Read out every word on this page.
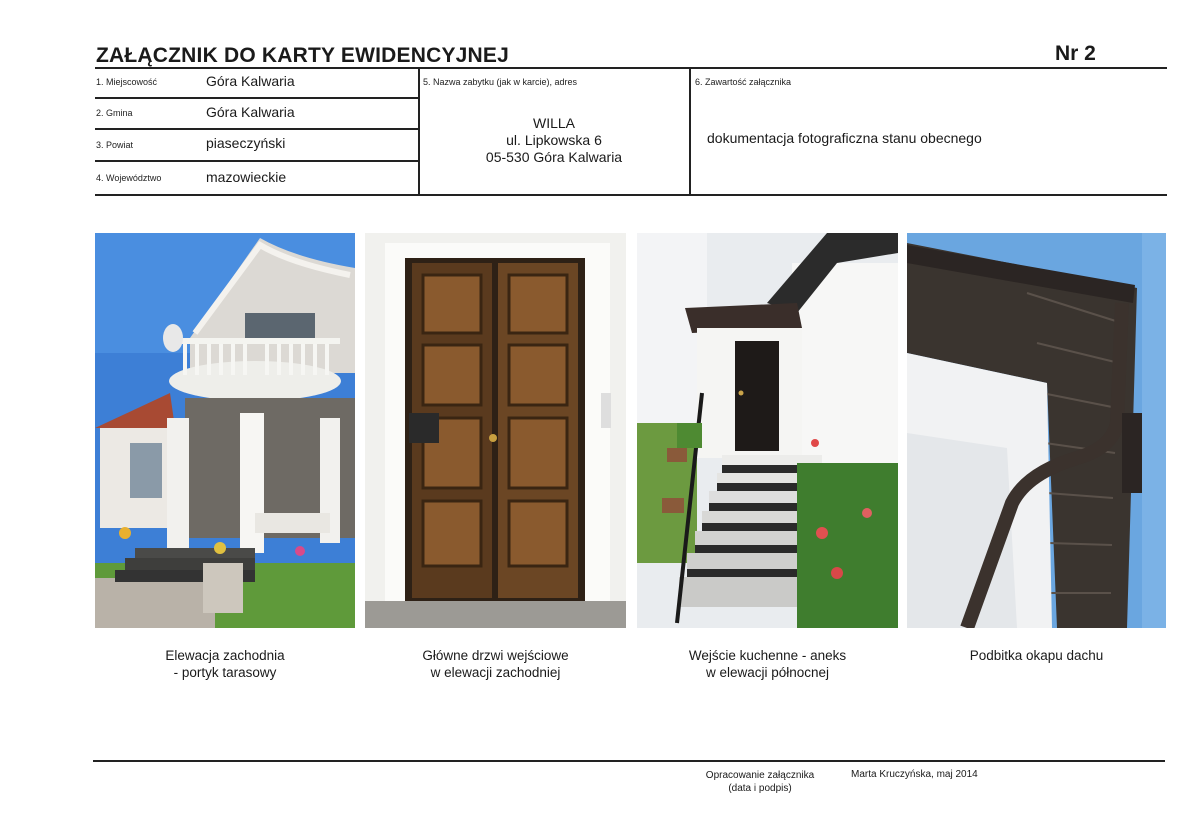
ZAŁĄCZNIK DO KARTY EWIDENCYJNEJ	Nr 2
1. Miejscowość	Góra Kalwaria
2. Gmina	Góra Kalwaria
3. Powiat	piaseczyński
4. Województwo	mazowieckie
5. Nazwa zabytku (jak w karcie), adres
WILLA
ul. Lipkowska 6
05-530 Góra Kalwaria
6. Zawartość załącznika
dokumentacja fotograficzna stanu obecnego
Elewacja zachodnia
- portyk tarasowy
Główne drzwi wejściowe
w elewacji zachodniej
Wejście kuchenne - aneks
w elewacji północnej
Podbitka okapu dachu
Opracowanie załącznika
(data i podpis)
Marta Kruczyńska, maj 2014
